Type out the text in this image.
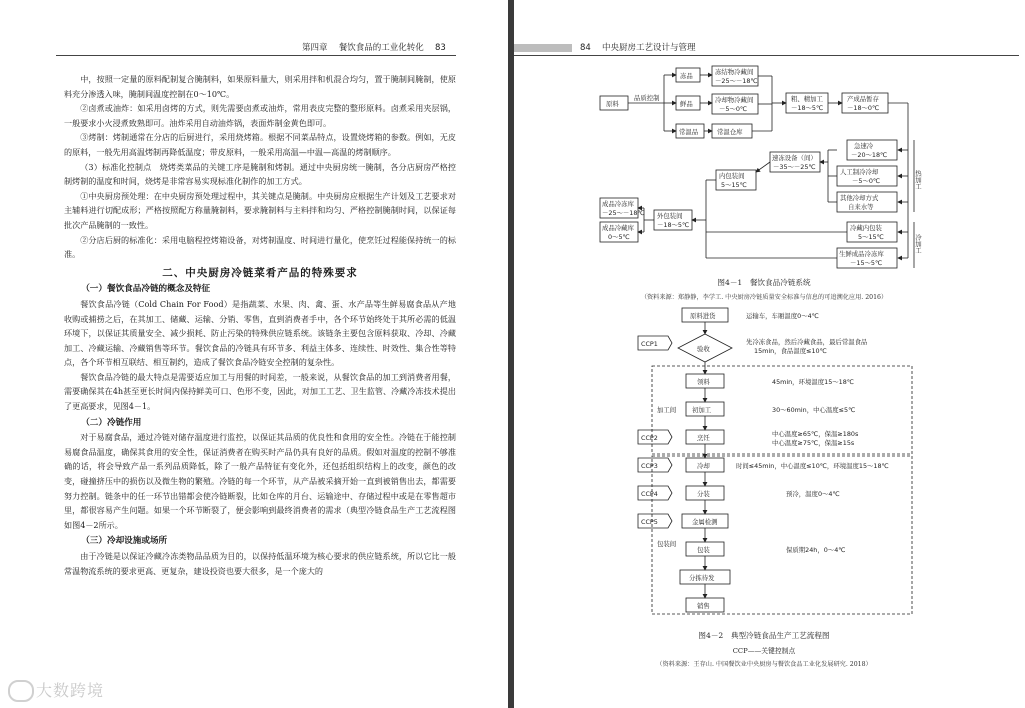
第四章　 餐饮食品的工业化转化　 83

中，按照一定量的原料配制复合腌制料，如果原料量大，则采用拌和机混合均匀，置于腌制间腌制，使原料充分渗透入味，腌制间温度控制在0～10℃。

②卤煮或油炸：如采用卤烤的方式，则先需要卤煮或油炸，常用表皮完整的整形原料。卤煮采用夹层锅，一般要求小火浸煮致熟即可。油炸采用自动油炸锅，表面炸制金黄色即可。

③烤制：烤制通常在分店的后厨进行，采用烧烤箱。根据不同菜品特点，设置烧烤箱的参数。例如，无皮的原料，一般先用高温烤制再降低温度；带皮原料，一般采用高温—中温—高温的烤制顺序。

（3）标准化控制点　烧烤类菜品的关键工序是腌制和烤制。通过中央厨房统一腌制，各分店厨房严格控制烤制的温度和时间，烧烤是非常容易实现标准化制作的加工方式。

①中央厨房预处理：在中央厨房预处理过程中，其关键点是腌制。中央厨房应根据生产计划及工艺要求对主辅料进行切配成形；严格按照配方称量腌制料，要求腌制料与主料拌和均匀、严格控制腌制时间，以保证每批次产品腌制的一致性。

②分店后厨的标准化：采用电脑程控烤箱设备，对烤制温度、时间进行量化，使烹饪过程能保持统一的标准。

二、中央厨房冷链菜肴产品的特殊要求
（一）餐饮食品冷链的概念及特征

餐饮食品冷链（Cold Chain For Food）是指蔬菜、水果、肉、禽、蛋、水产品等生鲜易腐食品从产地收购或捕捞之后，在其加工、储藏、运输、分销、零售，直到消费者手中，各个环节始终处于其所必需的低温环境下，以保证其质量安全、减少损耗、防止污染的特殊供应链系统。该链条主要包含原料获取、冷却、冷藏加工、冷藏运输、冷藏销售等环节。餐饮食品的冷链具有环节多、利益主体多、连续性、时效性、集合性等特点，各个环节相互联结、相互制约，造成了餐饮食品冷链安全控制的复杂性。

餐饮食品冷链的最大特点是需要适应加工与用餐的时间差，一般来说，从餐饮食品的加工到消费者用餐，需要确保其在4h甚至更长时间内保持鲜美可口、色形不变，因此，对加工工艺、卫生监管、冷藏冷冻技术提出了更高要求，见图4－1。

（二）冷链作用

对于易腐食品，通过冷链对储存温度进行监控，以保证其品质的优良性和食用的安全性。冷链在于能控制易腐食品温度，确保其食用的安全性，保证消费者在购买时产品仍具有良好的品质。假如对温度的控制不够准确的话，将会导致产品一系列品质降低，除了一般产品特征有变化外，还包括组织结构上的改变，颜色的改变，碰撞挤压中的损伤以及微生物的繁殖。冷链的每一个环节，从产品被采摘开始一直到被销售出去，都需要努力控制。链条中的任一环节出错都会使冷链断裂，比如仓库的月台、运输途中、存储过程中或是在零售超市里，都很容易产生问题。如果一个环节断裂了，便会影响到最终消费者的需求（典型冷链食品生产工艺流程图如图4－2所示。

（三）冷却设施或场所

由于冷链是以保证冷藏冷冻类物品品质为目的，以保持低温环境为核心要求的供应链系统，所以它比一般常温物流系统的要求更高、更复杂，建设投资也要大很多，是一个庞大的

大数跨境
84　 中央厨房工艺设计与管理
原料
品质控制
冻品
鲜品
常温品
冻结物冷藏间
－25～－18℃
冷却物冷藏间
－5～0℃
常温仓库
粗、精加工
－18～5℃
产成品暂存
－18～0℃
急速冷
－20～18℃
人工制冷冷却
－5～0℃
其他冷却方式
自来水等
速冻设备（间）
－35～－25℃
内包装间
5～15℃
冷藏内包装
5～15℃
生鲜成品冷冻库
－15～5℃
外包装间
－18～5℃
成品冷冻库
－25～－18℃
成品冷藏库
0～5℃
热加工
冷加工
图4－1　餐饮食品冷链系统
（资料来源：郑静静，李学工. 中央厨房冷链质量安全标准与信息的可追溯化应用. 2016）
原料进货
验收
领料
初加工
烹饪
冷却
分装
金属检测
包装
分拣待发
销售
CCP1
CCP2
CCP3
CCP4
CCP5
加工间
包装间
运输车，车厢温度0～4℃
先冷冻食品，然后冷藏食品，最后常温食品
15min，食品温度≤10℃
45min，环境温度15～18℃
30～60min，中心温度≤5℃
中心温度≥65℃，保温≥180s
中心温度≥75℃，保温≥15s
时间≤45min，中心温度≤10℃，环境温度15～18℃
预冷，温度0～4℃
保质期24h，0～4℃
图4－2　典型冷链食品生产工艺流程图
CCP——关键控制点
（资料来源：王存山. 中国餐饮业中央厨房与餐饮食品工业化发展研究. 2018）
